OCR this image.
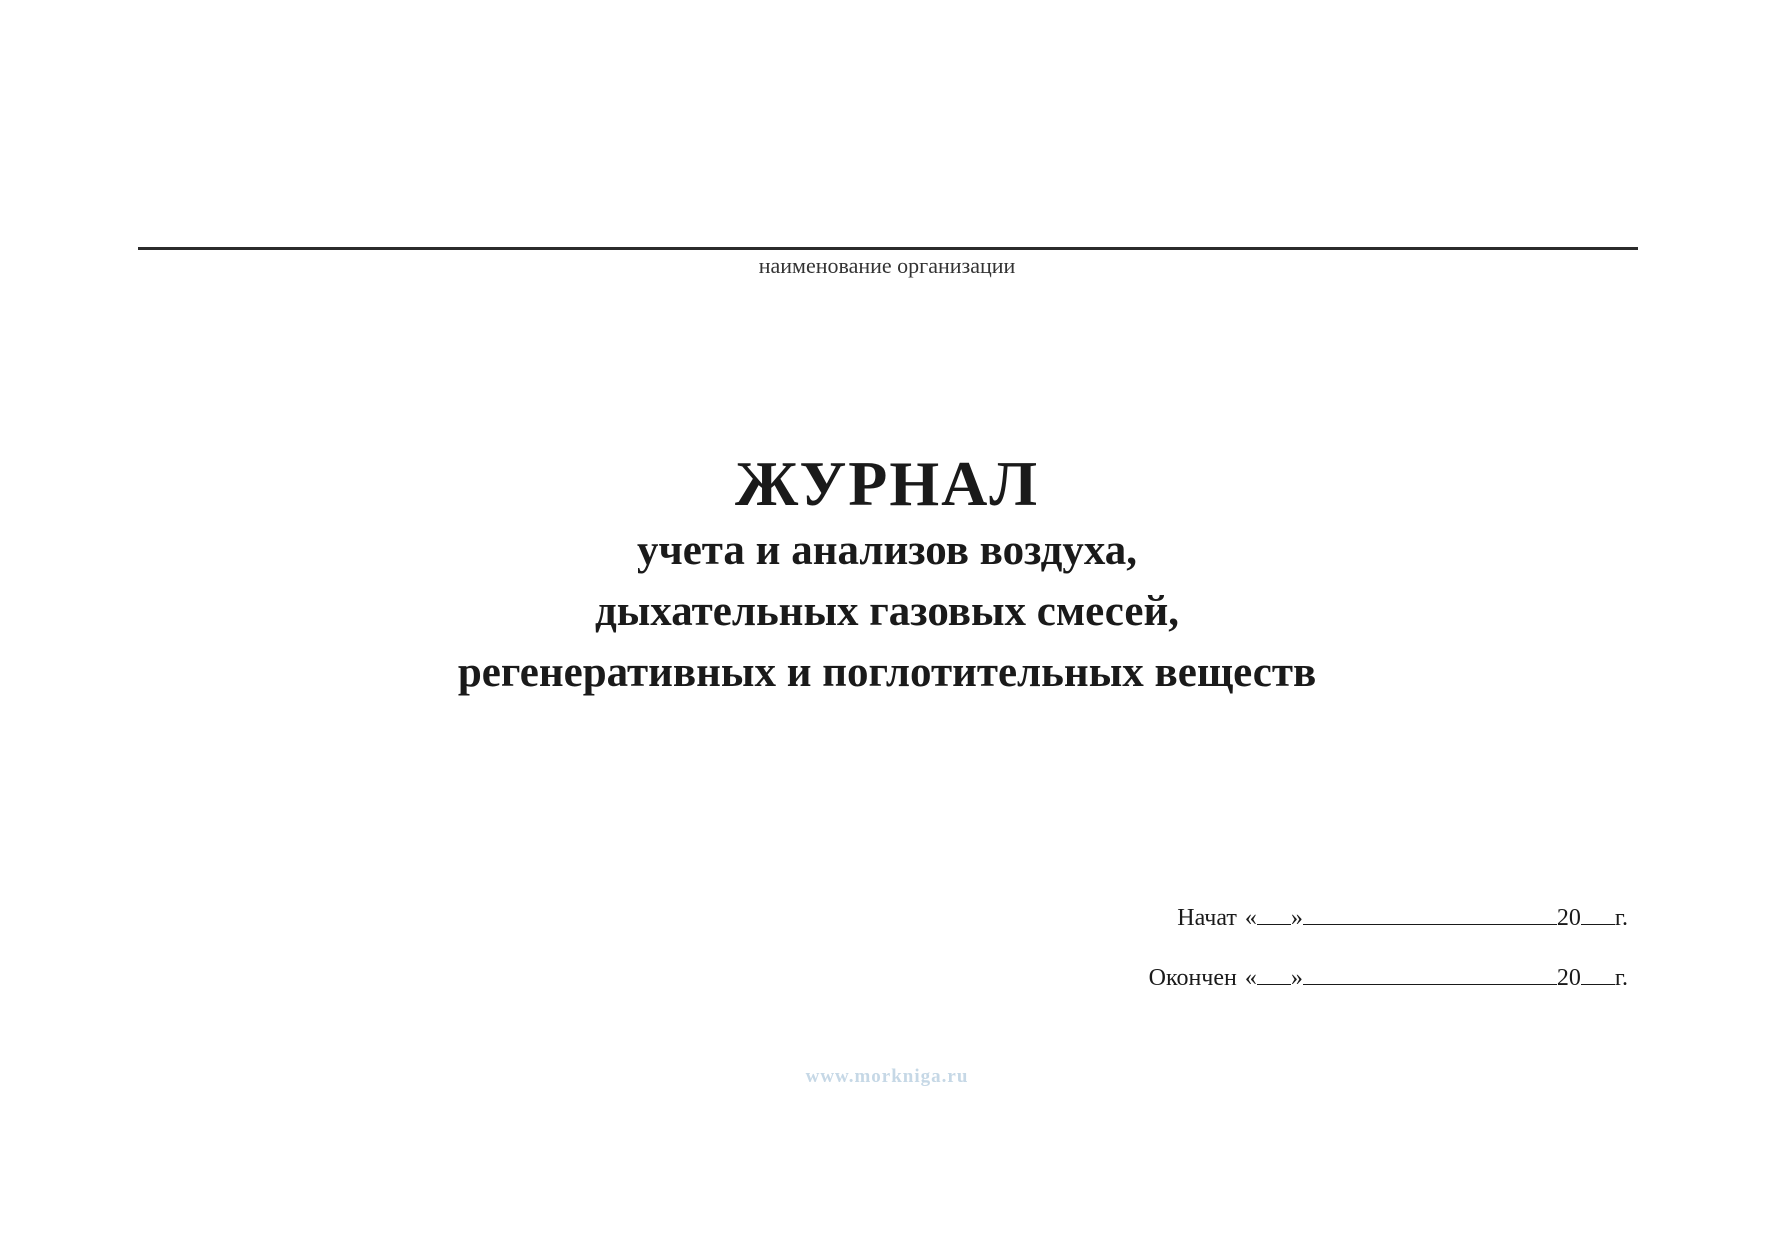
наименование организации
ЖУРНАЛ
учета и анализов воздуха,
дыхательных газовых смесей,
регенеративных и поглотительных веществ
Начат « »	20 г.
Окончен « »	20 г.
www.morkniga.ru
